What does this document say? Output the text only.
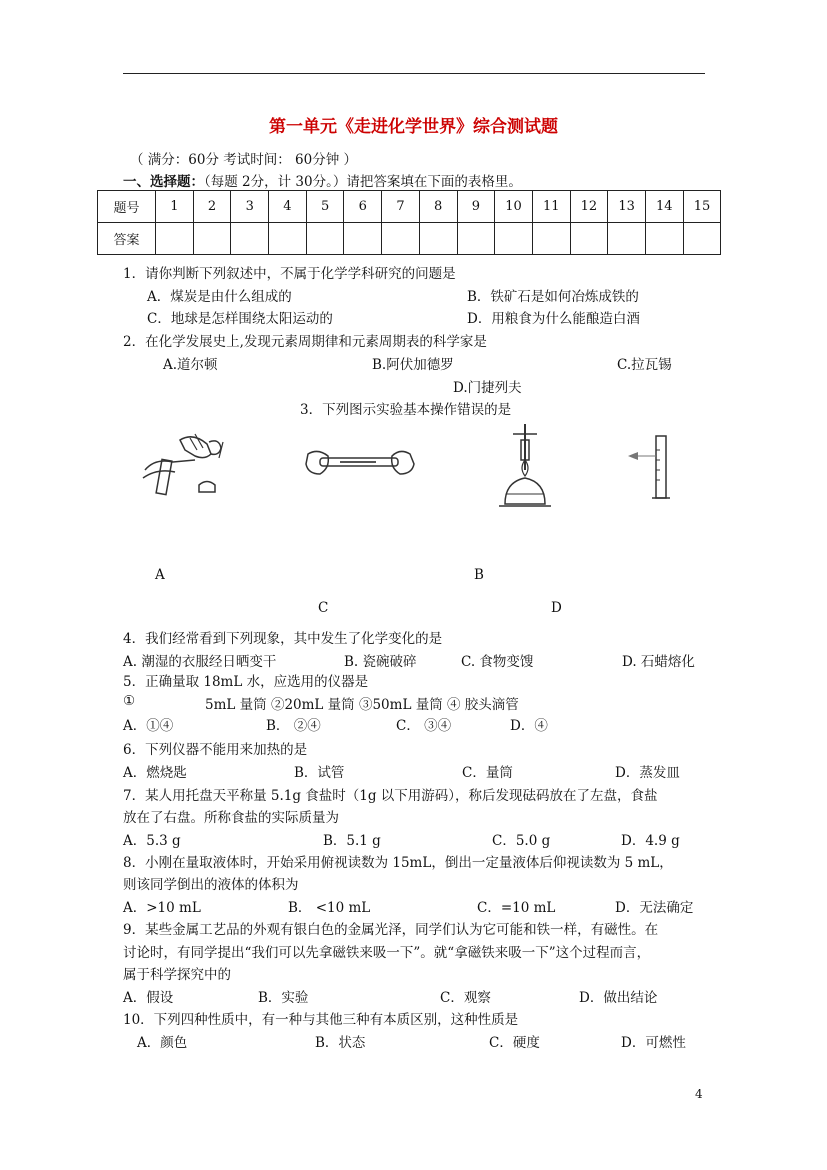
第一单元《走进化学世界》综合测试题
（ 满分：60分 考试时间： 60分钟 ）
一、选择题：（每题 2分，计 30分。）请把答案填在下面的表格里。
题号	1	2	3	4	5	6	7	8	9	10	11	12	13	14	15
答案															
1．请你判断下列叙述中，不属于化学学科研究的问题是
A．煤炭是由什么组成的	B．铁矿石是如何冶炼成铁的
C．地球是怎样围绕太阳运动的	D．用粮食为什么能酿造白酒
2．在化学发展史上,发现元素周期律和元素周期表的科学家是
A.道尔顿	B.阿伏加德罗	C.拉瓦锡
D.门捷列夫
3．下列图示实验基本操作错误的是
A	B
C	D
4．我们经常看到下列现象，其中发生了化学变化的是
A. 潮湿的衣服经日晒变干	B. 瓷碗破碎	C. 食物变馊	D. 石蜡熔化
5．正确量取 18mL 水，应选用的仪器是
①	5mL 量筒 ②20mL 量筒 ③50mL 量筒 ④ 胶头滴管
A．①④	B． ②④	C． ③④	D．④
6．下列仪器不能用来加热的是
A．燃烧匙	B．试管	C．量筒	D．蒸发皿
7．某人用托盘天平称量 5.1g 食盐时（1g 以下用游码），称后发现砝码放在了左盘，食盐
放在了右盘。所称食盐的实际质量为
A．5.3 g	B．5.1 g	C．5.0 g	D．4.9 g
8．小刚在量取液体时，开始采用俯视读数为 15mL，倒出一定量液体后仰视读数为 5 mL，
则该同学倒出的液体的体积为
A．>10 mL	B． <10 mL	C．=10 mL	D．无法确定
9．某些金属工艺品的外观有银白色的金属光泽，同学们认为它可能和铁一样，有磁性。在
讨论时，有同学提出“我们可以先拿磁铁来吸一下”。就“拿磁铁来吸一下”这个过程而言，
属于科学探究中的
A．假设	B．实验	C．观察	D．做出结论
10．下列四种性质中，有一种与其他三种有本质区别，这种性质是
A．颜色	B．状态	C．硬度	D．可燃性
4
